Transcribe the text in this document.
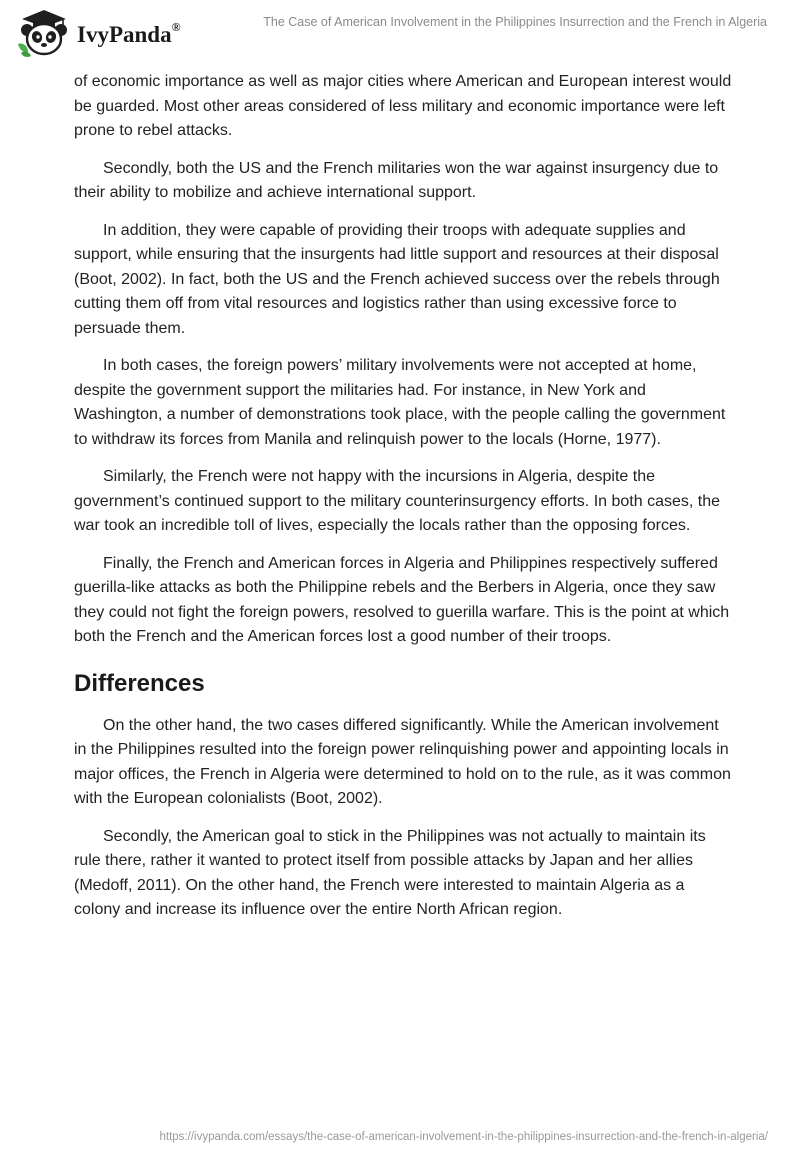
IvyPanda®	The Case of American Involvement in the Philippines Insurrection and the French in Algeria

of economic importance as well as major cities where American and European interest would be guarded. Most other areas considered of less military and economic importance were left prone to rebel attacks.

Secondly, both the US and the French militaries won the war against insurgency due to their ability to mobilize and achieve international support.

In addition, they were capable of providing their troops with adequate supplies and support, while ensuring that the insurgents had little support and resources at their disposal (Boot, 2002). In fact, both the US and the French achieved success over the rebels through cutting them off from vital resources and logistics rather than using excessive force to persuade them.

In both cases, the foreign powers’ military involvements were not accepted at home, despite the government support the militaries had. For instance, in New York and Washington, a number of demonstrations took place, with the people calling the government to withdraw its forces from Manila and relinquish power to the locals (Horne, 1977).

Similarly, the French were not happy with the incursions in Algeria, despite the government’s continued support to the military counterinsurgency efforts. In both cases, the war took an incredible toll of lives, especially the locals rather than the opposing forces.

Finally, the French and American forces in Algeria and Philippines respectively suffered guerilla-like attacks as both the Philippine rebels and the Berbers in Algeria, once they saw they could not fight the foreign powers, resolved to guerilla warfare. This is the point at which both the French and the American forces lost a good number of their troops.

Differences

On the other hand, the two cases differed significantly. While the American involvement in the Philippines resulted into the foreign power relinquishing power and appointing locals in major offices, the French in Algeria were determined to hold on to the rule, as it was common with the European colonialists (Boot, 2002).

Secondly, the American goal to stick in the Philippines was not actually to maintain its rule there, rather it wanted to protect itself from possible attacks by Japan and her allies (Medoff, 2011). On the other hand, the French were interested to maintain Algeria as a colony and increase its influence over the entire North African region.

https://ivypanda.com/essays/the-case-of-american-involvement-in-the-philippines-insurrection-and-the-french-in-algeria/
